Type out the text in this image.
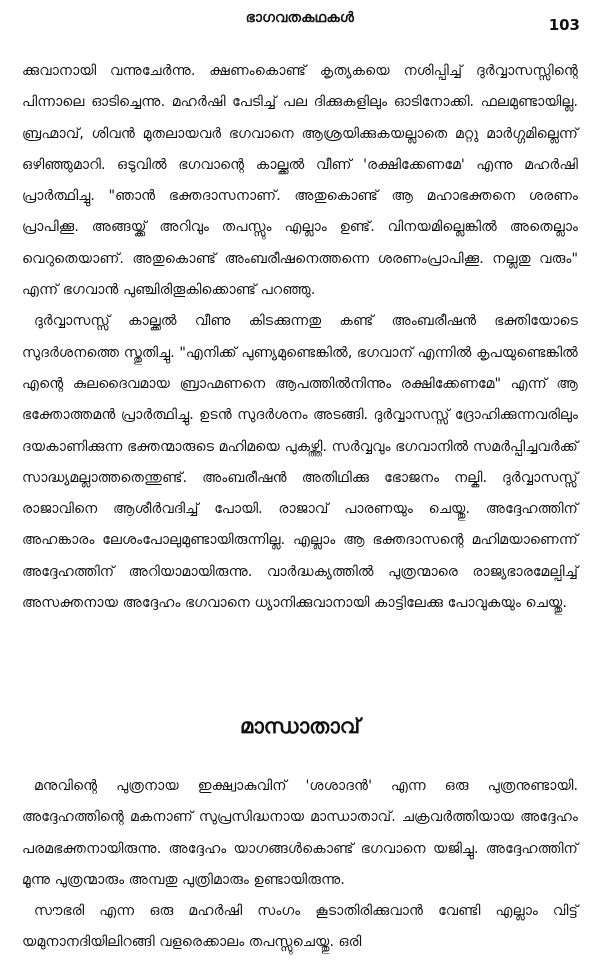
ഭാഗവതകഥകൾ	103

ക്കുവാനായി വന്നുചേർന്നു. ക്ഷണംകൊണ്ട് കൃത്യകയെ നശിപ്പിച്ച് ദുർവ്വാസസ്സിന്റെ പിന്നാലെ ഓടിച്ചെന്നു. മഹർഷി പേടിച്ച് പല ദിക്കുകളിലും ഓടിനോക്കി. ഫലമുണ്ടായില്ല. ബ്രഹ്മാവ്, ശിവൻ മുതലായവർ ഭഗവാനെ ആശ്രയിക്കുകയല്ലാതെ മറ്റു മാർഗ്ഗമില്ലെന്ന് ഒഴിഞ്ഞുമാറി. ഒടുവിൽ ഭഗവാന്റെ കാല്ക്കൽ വീണ് 'രക്ഷിക്കേണമേ' എന്നു മഹർഷി പ്രാർത്ഥിച്ചു. "ഞാൻ ഭക്തദാസനാണ്. അതുകൊണ്ട് ആ മഹാഭക്തനെ ശരണം പ്രാപിക്കൂ. അങ്ങയ്ക്ക് അറിവും തപസ്സും എല്ലാം ഉണ്ട്. വിനയമില്ലെങ്കിൽ അതെല്ലാം വെറുതെയാണ്. അതുകൊണ്ട് അംബരീഷനെത്തന്നെ ശരണംപ്രാപിക്കൂ. നല്ലതു വരും" എന്ന് ഭഗവാൻ പുഞ്ചിരിതൂകിക്കൊണ്ട് പറഞ്ഞു.

ദുർവ്വാസസ്സ് കാല്ക്കൽ വീണു കിടക്കുന്നതു കണ്ട് അംബരീഷൻ ഭക്തിയോടെ സുദർശനത്തെ സ്തുതിച്ചു. "എനിക്ക് പുണ്യമുണ്ടെങ്കിൽ, ഭഗവാന് എന്നിൽ കൃപയുണ്ടെങ്കിൽ എന്റെ കുലദൈവമായ ബ്രാഹ്മണനെ ആപത്തിൽനിന്നും രക്ഷിക്കേണമേ" എന്ന് ആ ഭക്തോത്തമൻ പ്രാർത്ഥിച്ചു. ഉടൻ സുദർശനം അടങ്ങി. ദുർവ്വാസസ്സ് ദ്രോഹിക്കുന്നവരിലും ദയകാണിക്കുന്ന ഭക്തന്മാരുടെ മഹിമയെ പുകഴ്ത്തി. സർവ്വവും ഭഗവാനിൽ സമർപ്പിച്ചവർക്ക് സാദ്ധ്യമല്ലാത്തതെന്തുണ്ട്. അംബരീഷൻ അതിഥിക്കു ഭോജനം നല്കി. ദുർവ്വാസസ്സ് രാജാവിനെ ആശീർവദിച്ച് പോയി. രാജാവ് പാരണയും ചെയ്തു. അദ്ദേഹത്തിന് അഹങ്കാരം ലേശംപോലുമുണ്ടായിരുന്നില്ല. എല്ലാം ആ ഭക്തദാസന്റെ മഹിമയാണെന്ന് അദ്ദേഹത്തിന് അറിയാമായിരുന്നു. വാർദ്ധക്യത്തിൽ പുത്രന്മാരെ രാജ്യഭാരമേല്പിച്ച് അസക്തനായ അദ്ദേഹം ഭഗവാനെ ധ്യാനിക്കുവാനായി കാട്ടിലേക്കു പോവുകയും ചെയ്തു.

മാന്ധാതാവ്

മനുവിന്റെ പുത്രനായ ഇക്ഷ്വാകുവിന് 'ശശാദൻ' എന്ന ഒരു പുത്രനുണ്ടായി. അദ്ദേഹത്തിന്റെ മകനാണ് സുപ്രസിദ്ധനായ മാന്ധാതാവ്. ചക്രവർത്തിയായ അദ്ദേഹം പരമഭക്തനായിരുന്നു. അദ്ദേഹം യാഗങ്ങൾകൊണ്ട് ഭഗവാനെ യജിച്ചു. അദ്ദേഹത്തിന് മൂന്നു പുത്രന്മാരും അമ്പതു പുത്രിമാരും ഉണ്ടായിരുന്നു.

സൗഭരി എന്ന ഒരു മഹർഷി സംഗം കൂടാതിരിക്കുവാൻ വേണ്ടി എല്ലാം വിട്ട് യമുനാനദിയിലിറങ്ങി വളരെക്കാലം തപസ്സുചെയ്തു. ഒരി
